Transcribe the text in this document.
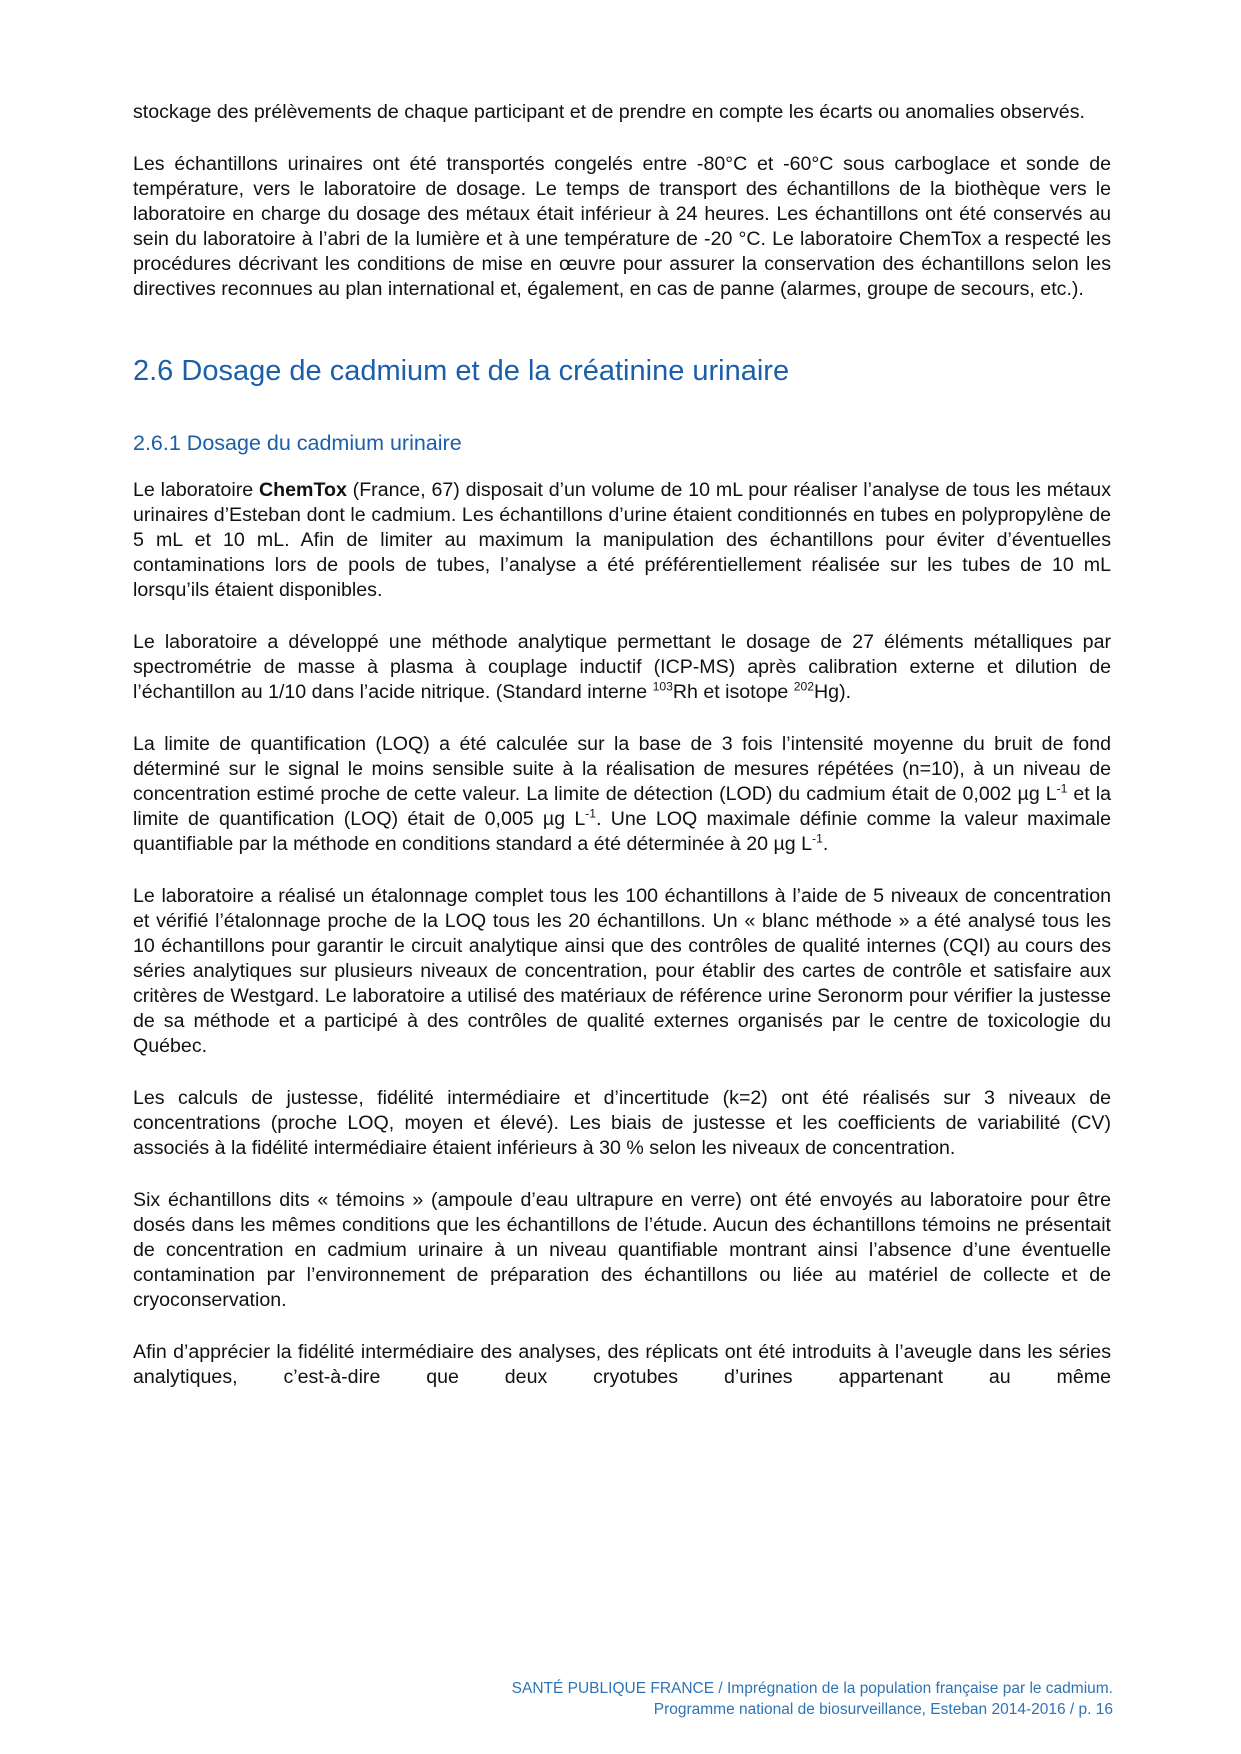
stockage des prélèvements de chaque participant et de prendre en compte les écarts ou anomalies observés.

Les échantillons urinaires ont été transportés congelés entre -80°C et -60°C sous carboglace et sonde de température, vers le laboratoire de dosage. Le temps de transport des échantillons de la biothèque vers le laboratoire en charge du dosage des métaux était inférieur à 24 heures. Les échantillons ont été conservés au sein du laboratoire à l’abri de la lumière et à une température de -20 °C. Le laboratoire ChemTox a respecté les procédures décrivant les conditions de mise en œuvre pour assurer la conservation des échantillons selon les directives reconnues au plan international et, également, en cas de panne (alarmes, groupe de secours, etc.).

2.6 Dosage de cadmium et de la créatinine urinaire
2.6.1 Dosage du cadmium urinaire

Le laboratoire ChemTox (France, 67) disposait d’un volume de 10 mL pour réaliser l’analyse de tous les métaux urinaires d’Esteban dont le cadmium. Les échantillons d’urine étaient conditionnés en tubes en polypropylène de 5 mL et 10 mL. Afin de limiter au maximum la manipulation des échantillons pour éviter d’éventuelles contaminations lors de pools de tubes, l’analyse a été préférentiellement réalisée sur les tubes de 10 mL lorsqu’ils étaient disponibles.

Le laboratoire a développé une méthode analytique permettant le dosage de 27 éléments métalliques par spectrométrie de masse à plasma à couplage inductif (ICP-MS) après calibration externe et dilution de l’échantillon au 1/10 dans l’acide nitrique. (Standard interne $^{103}$Rh et isotope $^{202}$Hg).

La limite de quantification (LOQ) a été calculée sur la base de 3 fois l’intensité moyenne du bruit de fond déterminé sur le signal le moins sensible suite à la réalisation de mesures répétées (n=10), à un niveau de concentration estimé proche de cette valeur. La limite de détection (LOD) du cadmium était de 0,002 µg $L^{-1}$ et la limite de quantification (LOQ) était de 0,005 µg $L^{-1}$. Une LOQ maximale définie comme la valeur maximale quantifiable par la méthode en conditions standard a été déterminée à 20 µg $L^{-1}$.

Le laboratoire a réalisé un étalonnage complet tous les 100 échantillons à l’aide de 5 niveaux de concentration et vérifié l’étalonnage proche de la LOQ tous les 20 échantillons. Un « blanc méthode » a été analysé tous les 10 échantillons pour garantir le circuit analytique ainsi que des contrôles de qualité internes (CQI) au cours des séries analytiques sur plusieurs niveaux de concentration, pour établir des cartes de contrôle et satisfaire aux critères de Westgard. Le laboratoire a utilisé des matériaux de référence urine Seronorm pour vérifier la justesse de sa méthode et a participé à des contrôles de qualité externes organisés par le centre de toxicologie du Québec.

Les calculs de justesse, fidélité intermédiaire et d’incertitude (k=2) ont été réalisés sur 3 niveaux de concentrations (proche LOQ, moyen et élevé). Les biais de justesse et les coefficients de variabilité (CV) associés à la fidélité intermédiaire étaient inférieurs à 30 % selon les niveaux de concentration.

Six échantillons dits « témoins » (ampoule d’eau ultrapure en verre) ont été envoyés au laboratoire pour être dosés dans les mêmes conditions que les échantillons de l’étude. Aucun des échantillons témoins ne présentait de concentration en cadmium urinaire à un niveau quantifiable montrant ainsi l’absence d’une éventuelle contamination par l’environnement de préparation des échantillons ou liée au matériel de collecte et de cryoconservation.

Afin d’apprécier la fidélité intermédiaire des analyses, des réplicats ont été introduits à l’aveugle dans les séries analytiques, c’est-à-dire que deux cryotubes d’urines appartenant au même

SANTÉ PUBLIQUE FRANCE / Imprégnation de la population française par le cadmium.
Programme national de biosurveillance, Esteban 2014-2016 / p. 16
